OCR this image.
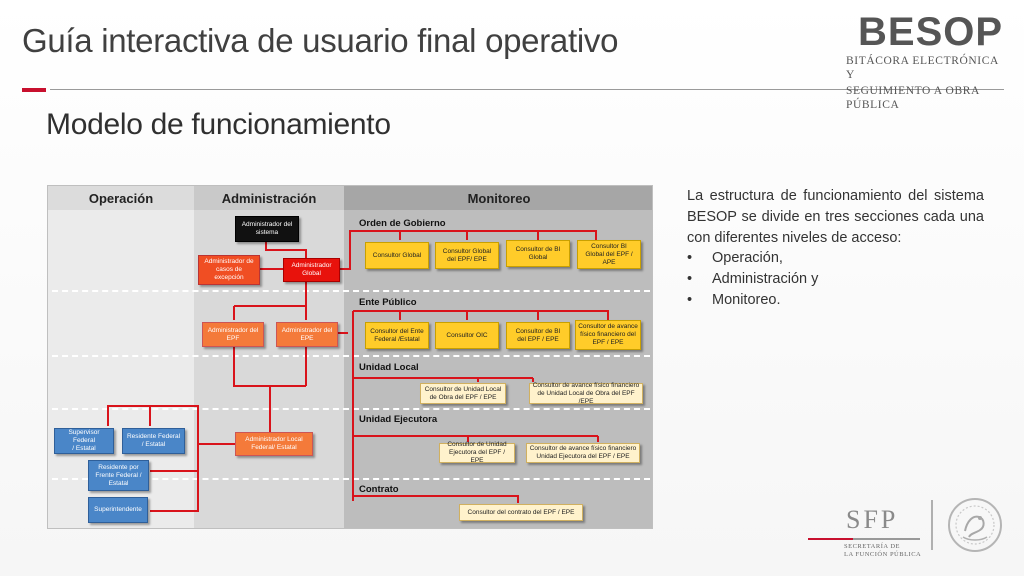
Guía interactiva de usuario final operativo
Modelo de funcionamiento
BESOP
BITÁCORA ELECTRÓNICA Y
SEGUIMIENTO A OBRA PÚBLICA
Operación	Administración	Monitoreo
Administrador del
sistema
Administrador de
casos de
excepción
Administrador
Global
Administrador del
EPF
Administrador del
EPE
Administrador Local
Federal/ Estatal
Supervisor Federal
/ Estatal
Residente Federal
/ Estatal
Residente por
Frente Federal /
Estatal
Superintendente
Orden de Gobierno
Ente Público
Unidad Local
Unidad Ejecutora
Contrato
Consultor Global
Consultor Global
del EPF/ EPE
Consultor de BI
Global
Consultor BI
Global del EPF /
APE
Consultor del Ente
Federal /Estatal
Consultor OIC
Consultor de BI
del EPF / EPE
Consultor de avance
físico financiero del
EPF / EPE
Consultor de Unidad Local
de Obra del EPF / EPE
Consultor de avance físico financiero
de Unidad Local de Obra del EPF /EPE
Consultor de Unidad
Ejecutora del EPF / EPE
Consultor de avance físico financiero
Unidad Ejecutora del EPF / EPE
Consultor del contrato del EPF / EPE
La estructura de funcionamiento del sistema BESOP se divide en tres secciones cada una con diferentes niveles de acceso:
• Operación,
• Administración y
• Monitoreo.
SFP
SECRETARÍA DE
LA FUNCIÓN PÚBLICA
